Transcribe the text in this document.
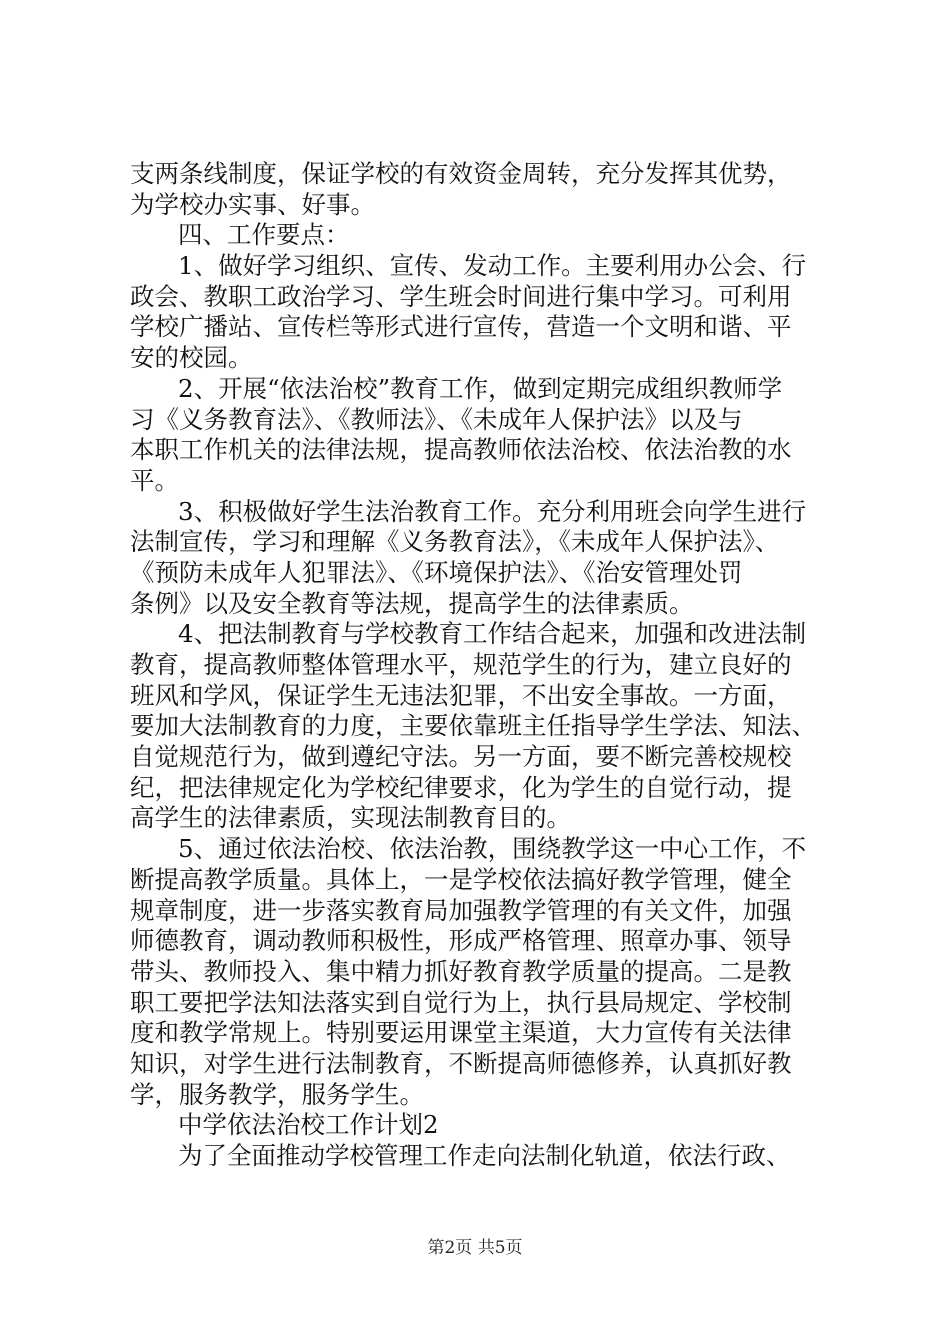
支两条线制度，保证学校的有效资金周转，充分发挥其优势，
为学校办实事、好事。
四、工作要点：
1、做好学习组织、宣传、发动工作。主要利用办公会、行
政会、教职工政治学习、学生班会时间进行集中学习。可利用
学校广播站、宣传栏等形式进行宣传，营造一个文明和谐、平
安的校园。
2、开展“依法治校”教育工作，做到定期完成组织教师学
习《义务教育法》、《教师法》、《未成年人保护法》以及与
本职工作机关的法律法规，提高教师依法治校、依法治教的水
平。
3、积极做好学生法治教育工作。充分利用班会向学生进行
法制宣传，学习和理解《义务教育法》，《未成年人保护法》、
《预防未成年人犯罪法》、《环境保护法》、《治安管理处罚
条例》以及安全教育等法规，提高学生的法律素质。
4、把法制教育与学校教育工作结合起来，加强和改进法制
教育，提高教师整体管理水平，规范学生的行为，建立良好的
班风和学风，保证学生无违法犯罪，不出安全事故。一方面，
要加大法制教育的力度，主要依靠班主任指导学生学法、知法、
自觉规范行为，做到遵纪守法。另一方面，要不断完善校规校
纪，把法律规定化为学校纪律要求，化为学生的自觉行动，提
高学生的法律素质，实现法制教育目的。
5、通过依法治校、依法治教，围绕教学这一中心工作，不
断提高教学质量。具体上，一是学校依法搞好教学管理，健全
规章制度，进一步落实教育局加强教学管理的有关文件，加强
师德教育，调动教师积极性，形成严格管理、照章办事、领导
带头、教师投入、集中精力抓好教育教学质量的提高。二是教
职工要把学法知法落实到自觉行为上，执行县局规定、学校制
度和教学常规上。特别要运用课堂主渠道，大力宣传有关法律
知识，对学生进行法制教育，不断提高师德修养，认真抓好教
学，服务教学，服务学生。
中学依法治校工作计划2
为了全面推动学校管理工作走向法制化轨道，依法行政、
第2页 共5页
